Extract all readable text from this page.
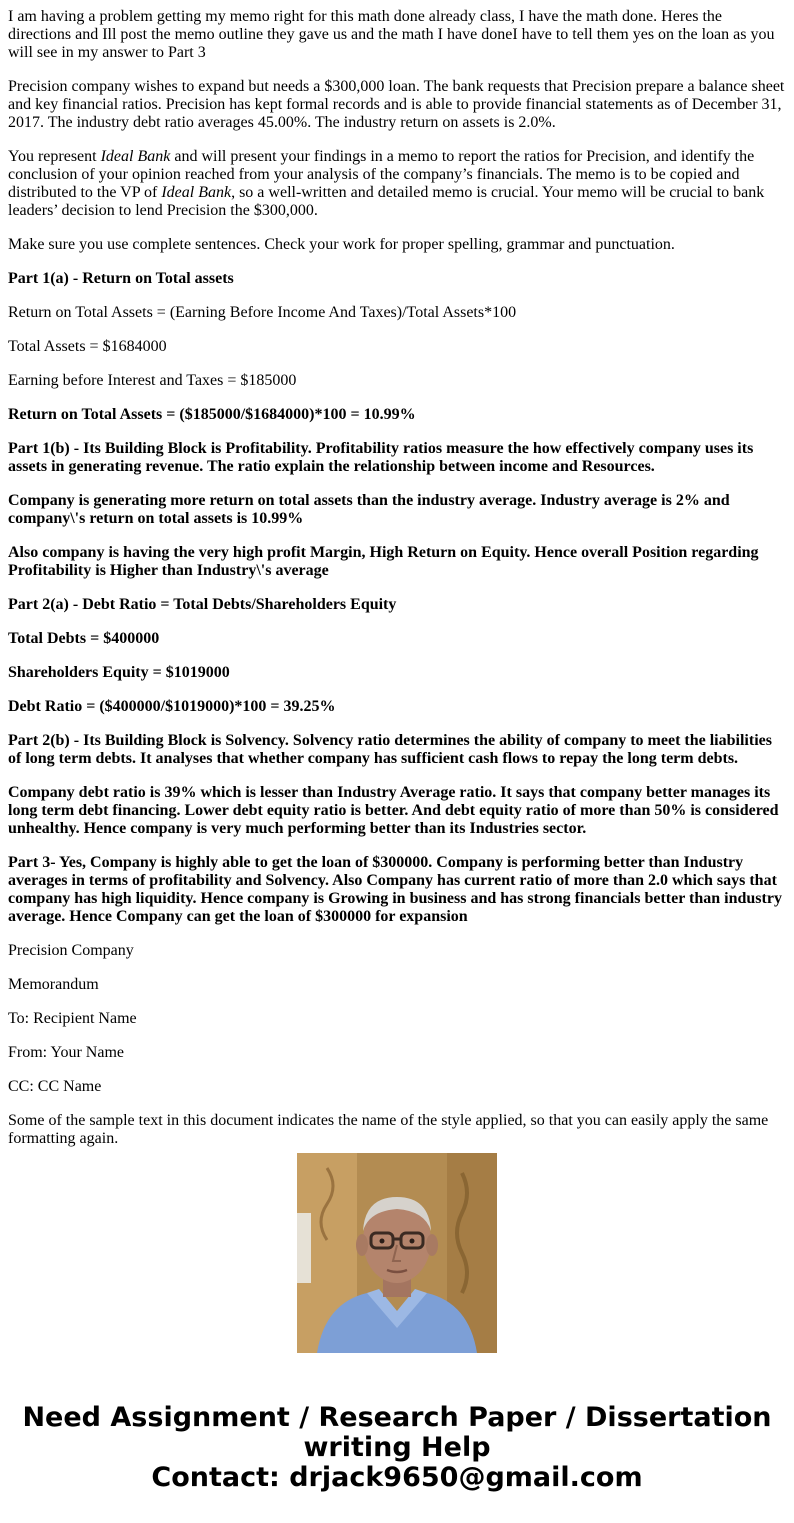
I am having a problem getting my memo right for this math done already class, I have the math done. Heres the directions and Ill post the memo outline they gave us and the math I have doneI have to tell them yes on the loan as you will see in my answer to Part 3

Precision company wishes to expand but needs a $300,000 loan. The bank requests that Precision prepare a balance sheet and key financial ratios. Precision has kept formal records and is able to provide financial statements as of December 31, 2017. The industry debt ratio averages 45.00%. The industry return on assets is 2.0%.

You represent Ideal Bank and will present your findings in a memo to report the ratios for Precision, and identify the conclusion of your opinion reached from your analysis of the company’s financials. The memo is to be copied and distributed to the VP of Ideal Bank, so a well-written and detailed memo is crucial. Your memo will be crucial to bank leaders’ decision to lend Precision the $300,000.

Make sure you use complete sentences. Check your work for proper spelling, grammar and punctuation.

Part 1(a) - Return on Total assets

Return on Total Assets = (Earning Before Income And Taxes)/Total Assets*100

Total Assets = $1684000

Earning before Interest and Taxes = $185000

Return on Total Assets = ($185000/$1684000)*100 = 10.99%

Part 1(b) - Its Building Block is Profitability. Profitability ratios measure the how effectively company uses its assets in generating revenue. The ratio explain the relationship between income and Resources.

Company is generating more return on total assets than the industry average. Industry average is 2% and company\'s return on total assets is 10.99%

Also company is having the very high profit Margin, High Return on Equity. Hence overall Position regarding Profitability is Higher than Industry\'s average

Part 2(a) - Debt Ratio = Total Debts/Shareholders Equity

Total Debts = $400000

Shareholders Equity = $1019000

Debt Ratio = ($400000/$1019000)*100 = 39.25%

Part 2(b) - Its Building Block is Solvency. Solvency ratio determines the ability of company to meet the liabilities of long term debts. It analyses that whether company has sufficient cash flows to repay the long term debts.

Company debt ratio is 39% which is lesser than Industry Average ratio. It says that company better manages its long term debt financing. Lower debt equity ratio is better. And debt equity ratio of more than 50% is considered unhealthy. Hence company is very much performing better than its Industries sector.

Part 3- Yes, Company is highly able to get the loan of $300000. Company is performing better than Industry averages in terms of profitability and Solvency. Also Company has current ratio of more than 2.0 which says that company has high liquidity. Hence company is Growing in business and has strong financials better than industry average. Hence Company can get the loan of $300000 for expansion

Precision Company

Memorandum

To: Recipient Name

From: Your Name

CC: CC Name

Some of the sample text in this document indicates the name of the style applied, so that you can easily apply the same formatting again.

Need Assignment / Research Paper / Dissertation
writing Help
Contact: drjack9650@gmail.com
